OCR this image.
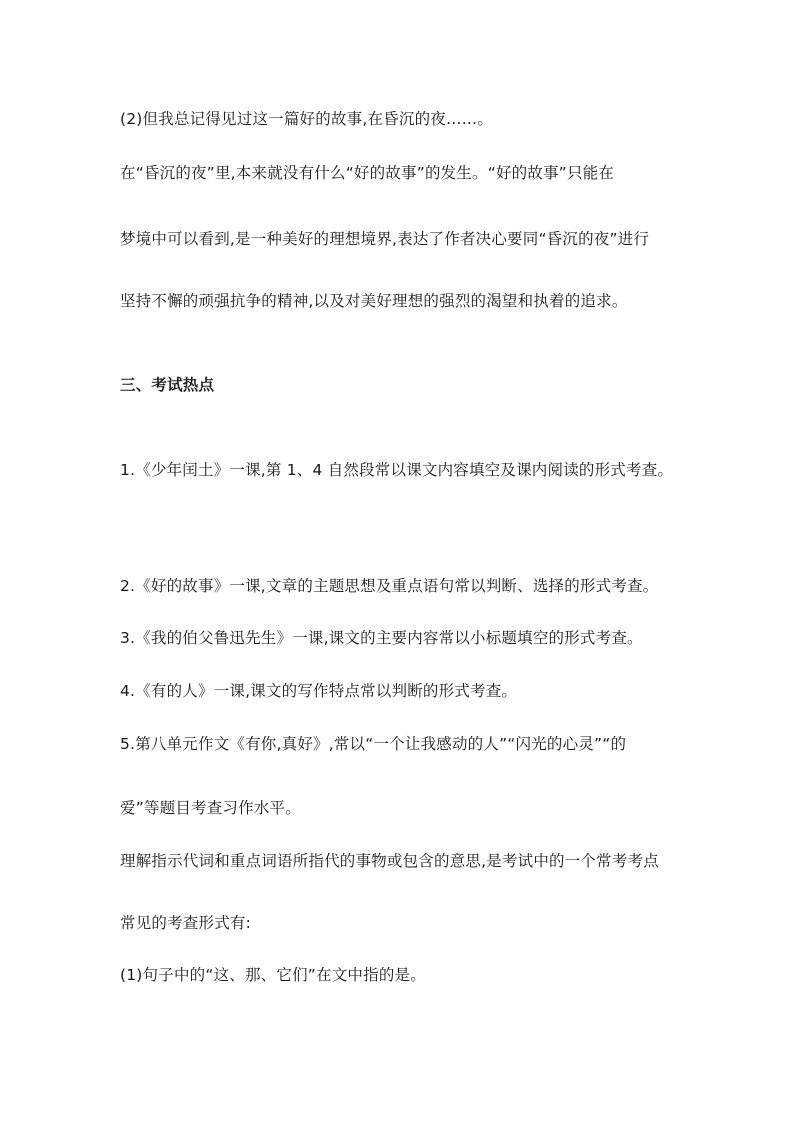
(2)但我总记得见过这一篇好的故事,在昏沉的夜……。
在“昏沉的夜”里,本来就没有什么“好的故事”的发生。“好的故事”只能在
梦境中可以看到,是一种美好的理想境界,表达了作者决心要同“昏沉的夜”进行
坚持不懈的顽强抗争的精神,以及对美好理想的强烈的渴望和执着的追求。
三、考试热点
1.《少年闰土》一课,第 1、4 自然段常以课文内容填空及课内阅读的形式考查。
2.《好的故事》一课,文章的主题思想及重点语句常以判断、选择的形式考查。
3.《我的伯父鲁迅先生》一课,课文的主要内容常以小标题填空的形式考查。
4.《有的人》一课,课文的写作特点常以判断的形式考查。
5.第八单元作文《有你,真好》,常以“一个让我感动的人”“闪光的心灵”“的
爱”等题目考查习作水平。
理解指示代词和重点词语所指代的事物或包含的意思,是考试中的一个常考考点
常见的考查形式有:
(1)句子中的“这、那、它们”在文中指的是。
